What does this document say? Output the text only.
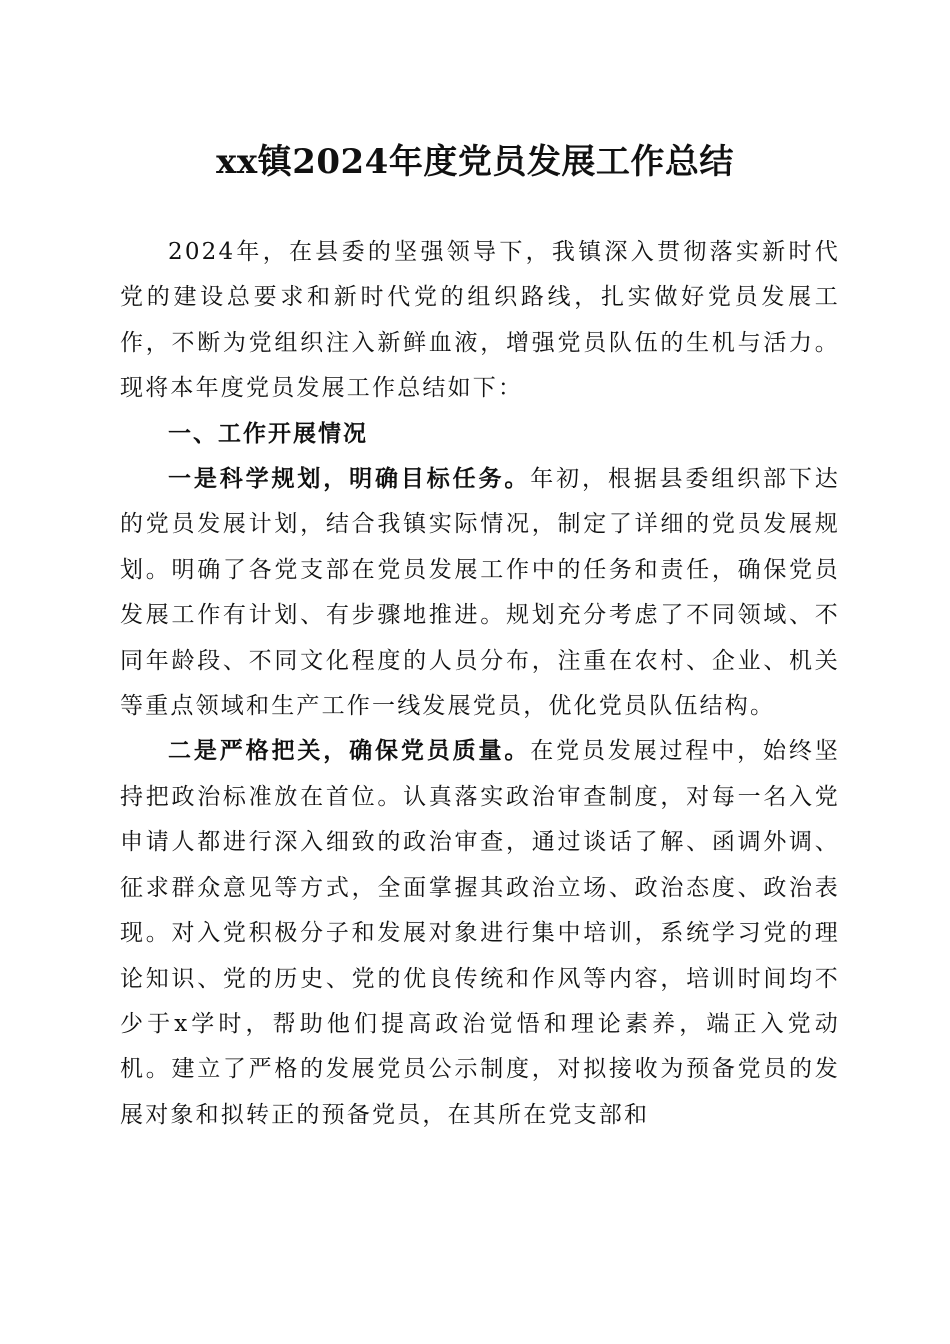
xx镇2024年度党员发展工作总结

2024年，在县委的坚强领导下，我镇深入贯彻落实新时代党的建设总要求和新时代党的组织路线，扎实做好党员发展工作，不断为党组织注入新鲜血液，增强党员队伍的生机与活力。现将本年度党员发展工作总结如下：

一、工作开展情况

一是科学规划，明确目标任务。年初，根据县委组织部下达的党员发展计划，结合我镇实际情况，制定了详细的党员发展规划。明确了各党支部在党员发展工作中的任务和责任，确保党员发展工作有计划、有步骤地推进。规划充分考虑了不同领域、不同年龄段、不同文化程度的人员分布，注重在农村、企业、机关等重点领域和生产工作一线发展党员，优化党员队伍结构。

二是严格把关，确保党员质量。在党员发展过程中，始终坚持把政治标准放在首位。认真落实政治审查制度，对每一名入党申请人都进行深入细致的政治审查，通过谈话了解、函调外调、征求群众意见等方式，全面掌握其政治立场、政治态度、政治表现。对入党积极分子和发展对象进行集中培训，系统学习党的理论知识、党的历史、党的优良传统和作风等内容，培训时间均不少于x学时，帮助他们提高政治觉悟和理论素养，端正入党动机。建立了严格的发展党员公示制度，对拟接收为预备党员的发展对象和拟转正的预备党员，在其所在党支部和
